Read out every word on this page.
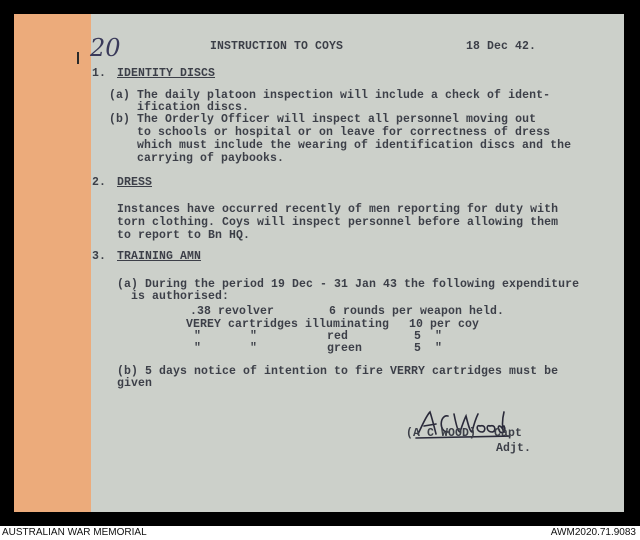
20	INSTRUCTION TO COYS	18 Dec 42.
1. IDENTITY DISCS
(a) The daily platoon inspection will include a check of ident-
ification discs.
(b) The Orderly Officer will inspect all personnel moving out
to schools or hospital or on leave for correctness of dress
which must include the wearing of identification discs and the
carrying of paybooks.
2. DRESS
Instances have occurred recently of men reporting for duty with
torn clothing. Coys will inspect personnel before allowing them
to report to Bn HQ.
3. TRAINING AMN
(a) During the period 19 Dec - 31 Jan 43 the following expenditure
is authorised:
.38 revolver	6 rounds per weapon held.
VEREY cartridges illuminating 10 per coy
"       "          red	5  "
"       "          green	5  "
(b) 5 days notice of intention to fire VERRY cartridges must be
given
(A C WOOD) Capt
Adjt.
AUSTRALIAN WAR MEMORIAL	AWM2020.71.9083
